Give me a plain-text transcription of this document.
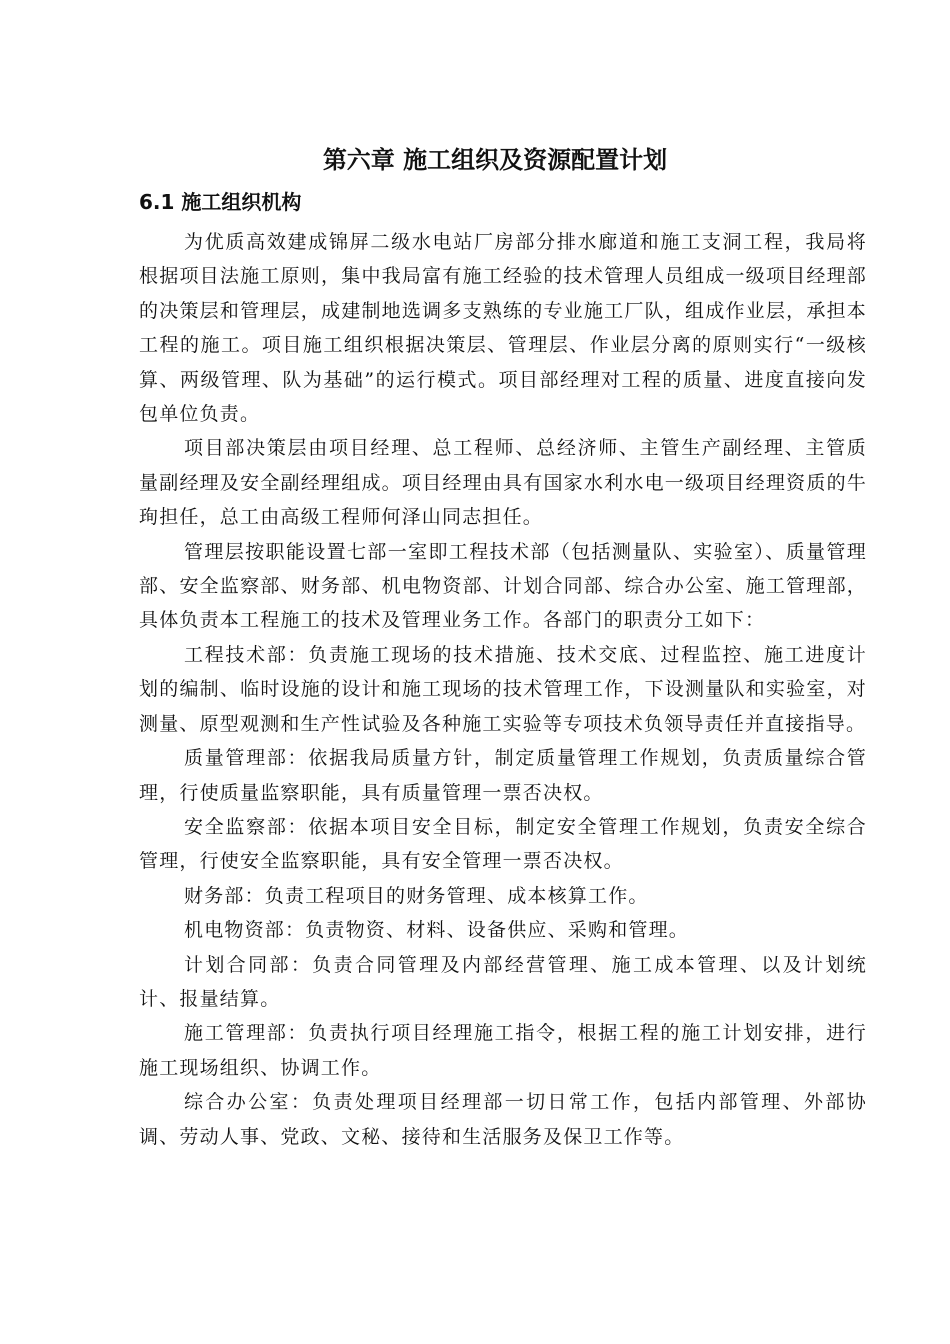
第六章 施工组织及资源配置计划
6.1 施工组织机构

为优质高效建成锦屏二级水电站厂房部分排水廊道和施工支洞工程，我局将根据项目法施工原则，集中我局富有施工经验的技术管理人员组成一级项目经理部的决策层和管理层，成建制地选调多支熟练的专业施工厂队，组成作业层，承担本工程的施工。项目施工组织根据决策层、管理层、作业层分离的原则实行“一级核算、两级管理、队为基础”的运行模式。项目部经理对工程的质量、进度直接向发包单位负责。

项目部决策层由项目经理、总工程师、总经济师、主管生产副经理、主管质量副经理及安全副经理组成。项目经理由具有国家水利水电一级项目经理资质的牛珣担任，总工由高级工程师何泽山同志担任。

管理层按职能设置七部一室即工程技术部（包括测量队、实验室）、质量管理部、安全监察部、财务部、机电物资部、计划合同部、综合办公室、施工管理部，具体负责本工程施工的技术及管理业务工作。各部门的职责分工如下：

工程技术部：负责施工现场的技术措施、技术交底、过程监控、施工进度计划的编制、临时设施的设计和施工现场的技术管理工作，下设测量队和实验室，对测量、原型观测和生产性试验及各种施工实验等专项技术负领导责任并直接指导。

质量管理部：依据我局质量方针，制定质量管理工作规划，负责质量综合管理，行使质量监察职能，具有质量管理一票否决权。

安全监察部：依据本项目安全目标，制定安全管理工作规划，负责安全综合管理，行使安全监察职能，具有安全管理一票否决权。

财务部：负责工程项目的财务管理、成本核算工作。

机电物资部：负责物资、材料、设备供应、采购和管理。

计划合同部：负责合同管理及内部经营管理、施工成本管理、以及计划统计、报量结算。

施工管理部：负责执行项目经理施工指令，根据工程的施工计划安排，进行施工现场组织、协调工作。

综合办公室：负责处理项目经理部一切日常工作，包括内部管理、外部协调、劳动人事、党政、文秘、接待和生活服务及保卫工作等。
